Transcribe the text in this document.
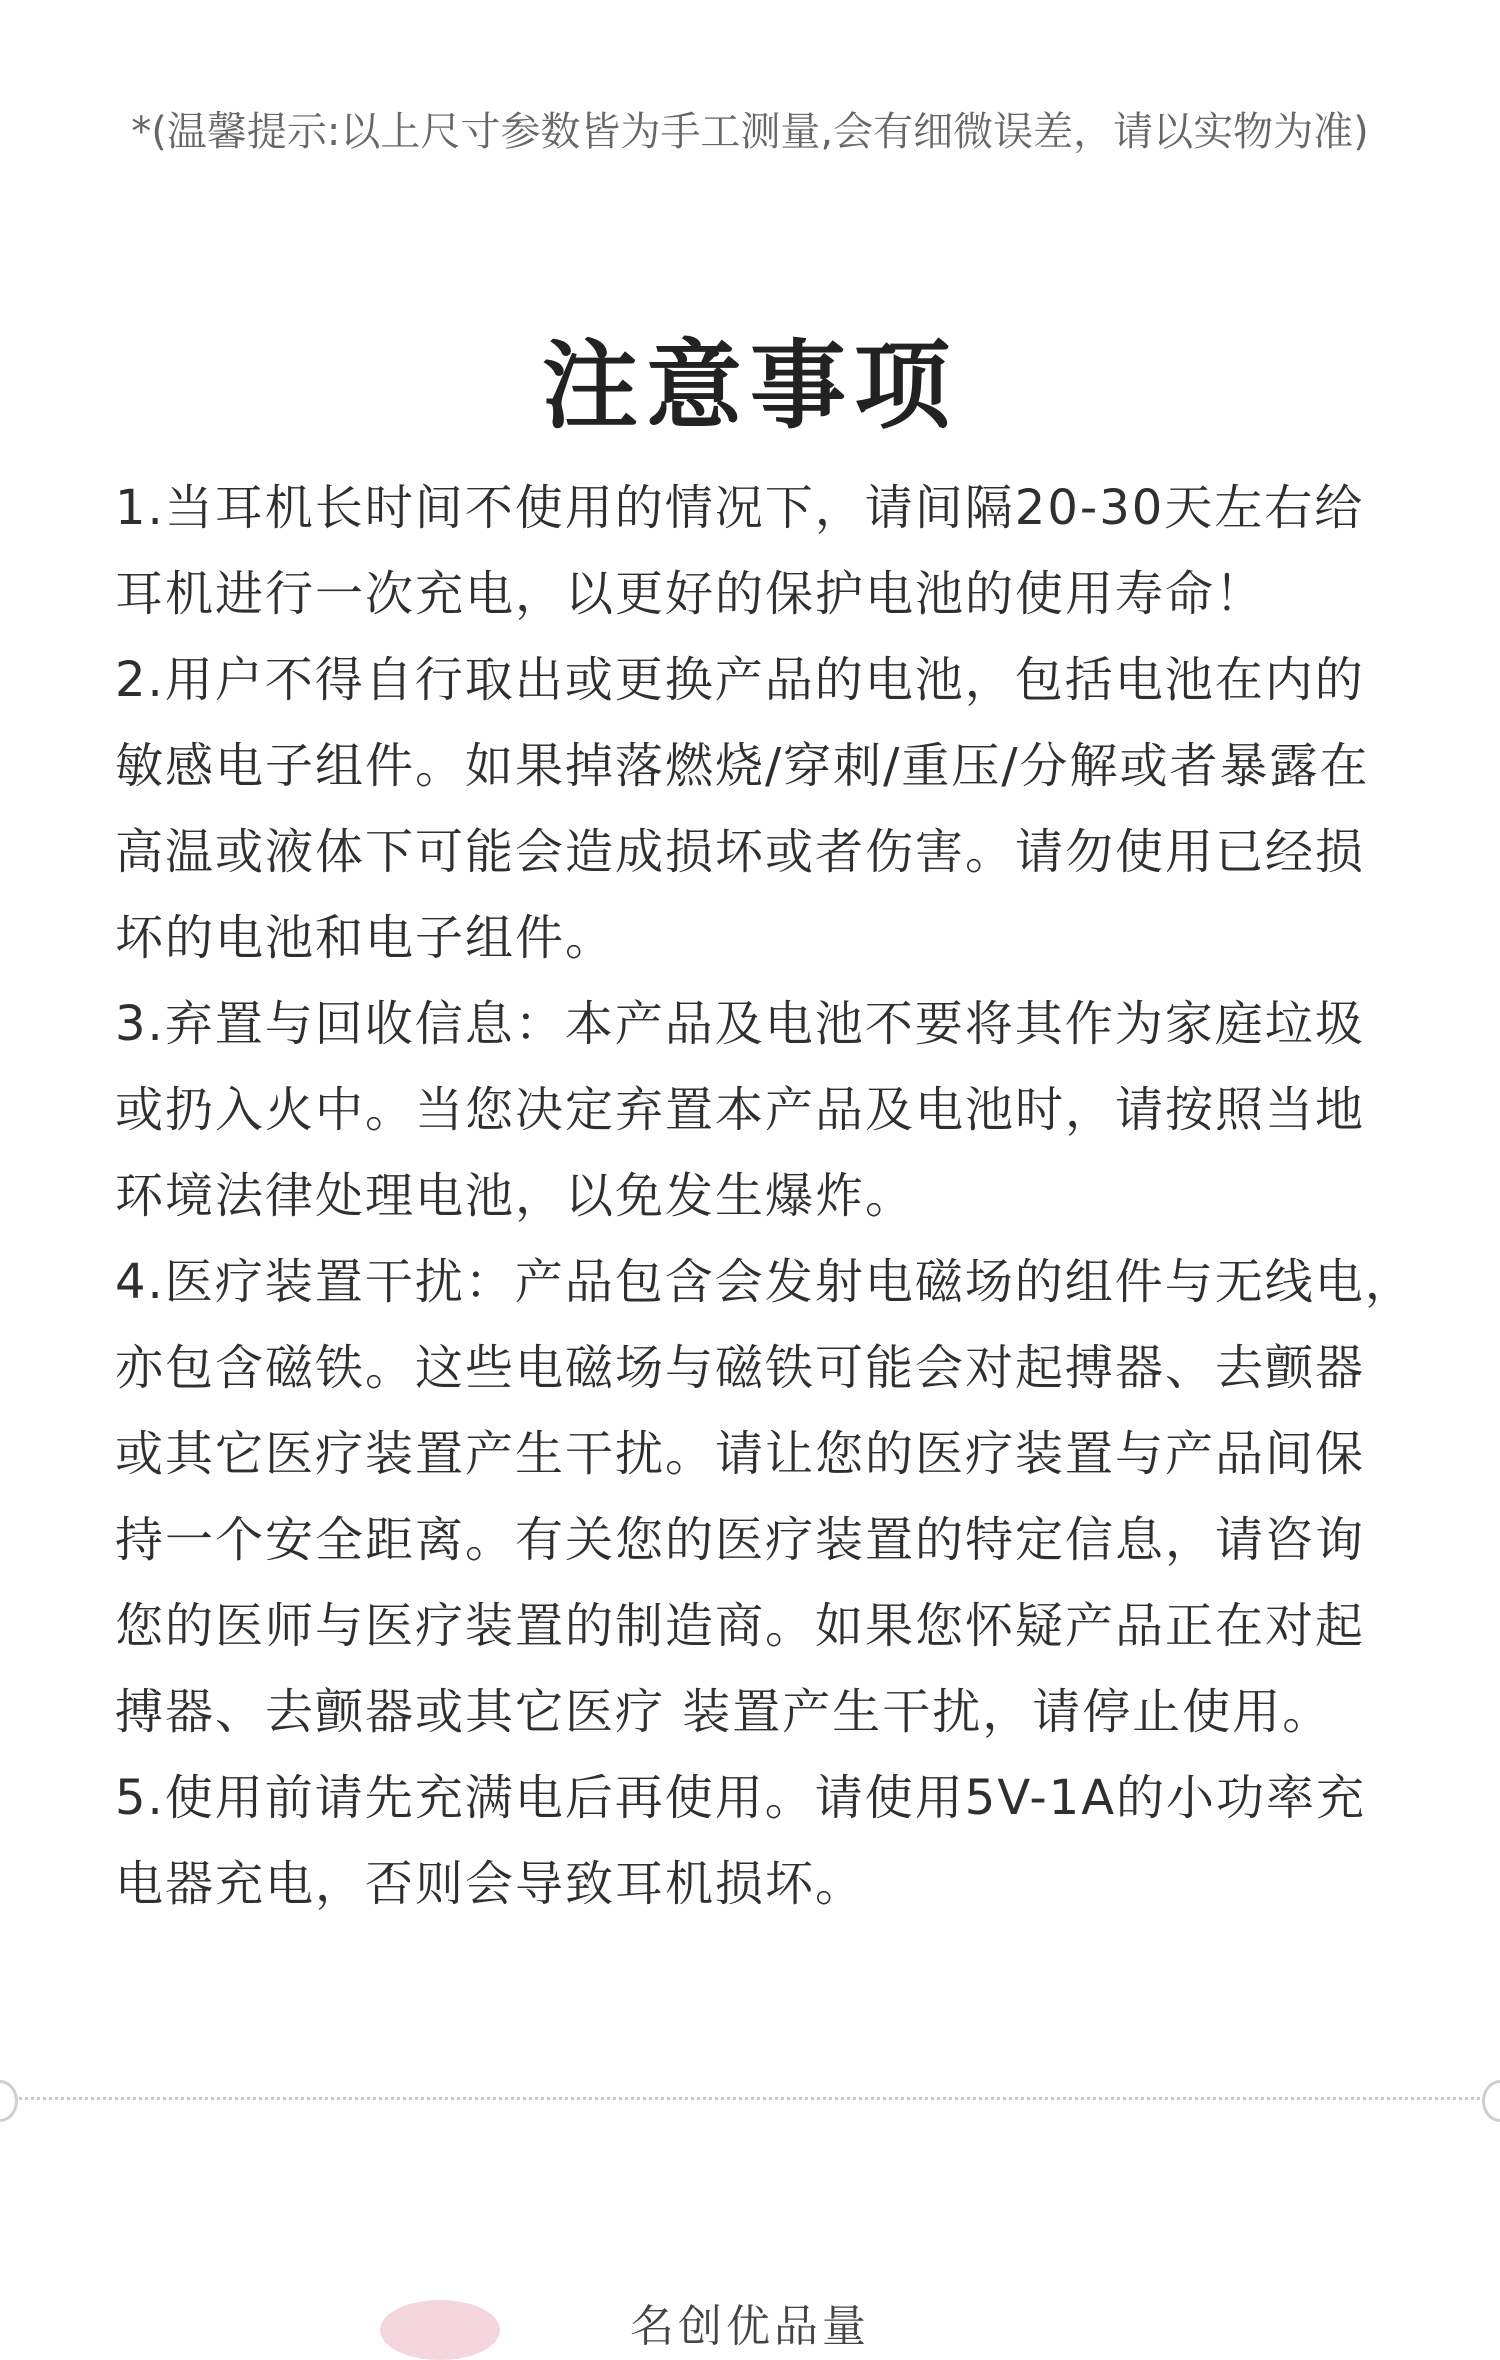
*(温馨提示:以上尺寸参数皆为手工测量,会有细微误差，请以实物为准)
注意事项
1.当耳机长时间不使用的情况下，请间隔20-30天左右给
耳机进行一次充电，以更好的保护电池的使用寿命！
2.用户不得自行取出或更换产品的电池，包括电池在内的
敏感电子组件。如果掉落燃烧/穿刺/重压/分解或者暴露在
高温或液体下可能会造成损坏或者伤害。请勿使用已经损
坏的电池和电子组件。
3.弃置与回收信息：本产品及电池不要将其作为家庭垃圾
或扔入火中。当您决定弃置本产品及电池时，请按照当地
环境法律处理电池，以免发生爆炸。
4.医疗装置干扰：产品包含会发射电磁场的组件与无线电，
亦包含磁铁。这些电磁场与磁铁可能会对起搏器、去颤器
或其它医疗装置产生干扰。请让您的医疗装置与产品间保
持一个安全距离。有关您的医疗装置的特定信息，请咨询
您的医师与医疗装置的制造商。如果您怀疑产品正在对起
搏器、去颤器或其它医疗 装置产生干扰，请停止使用。
5.使用前请先充满电后再使用。请使用5V-1A的小功率充
电器充电，否则会导致耳机损坏。
名创优品量
